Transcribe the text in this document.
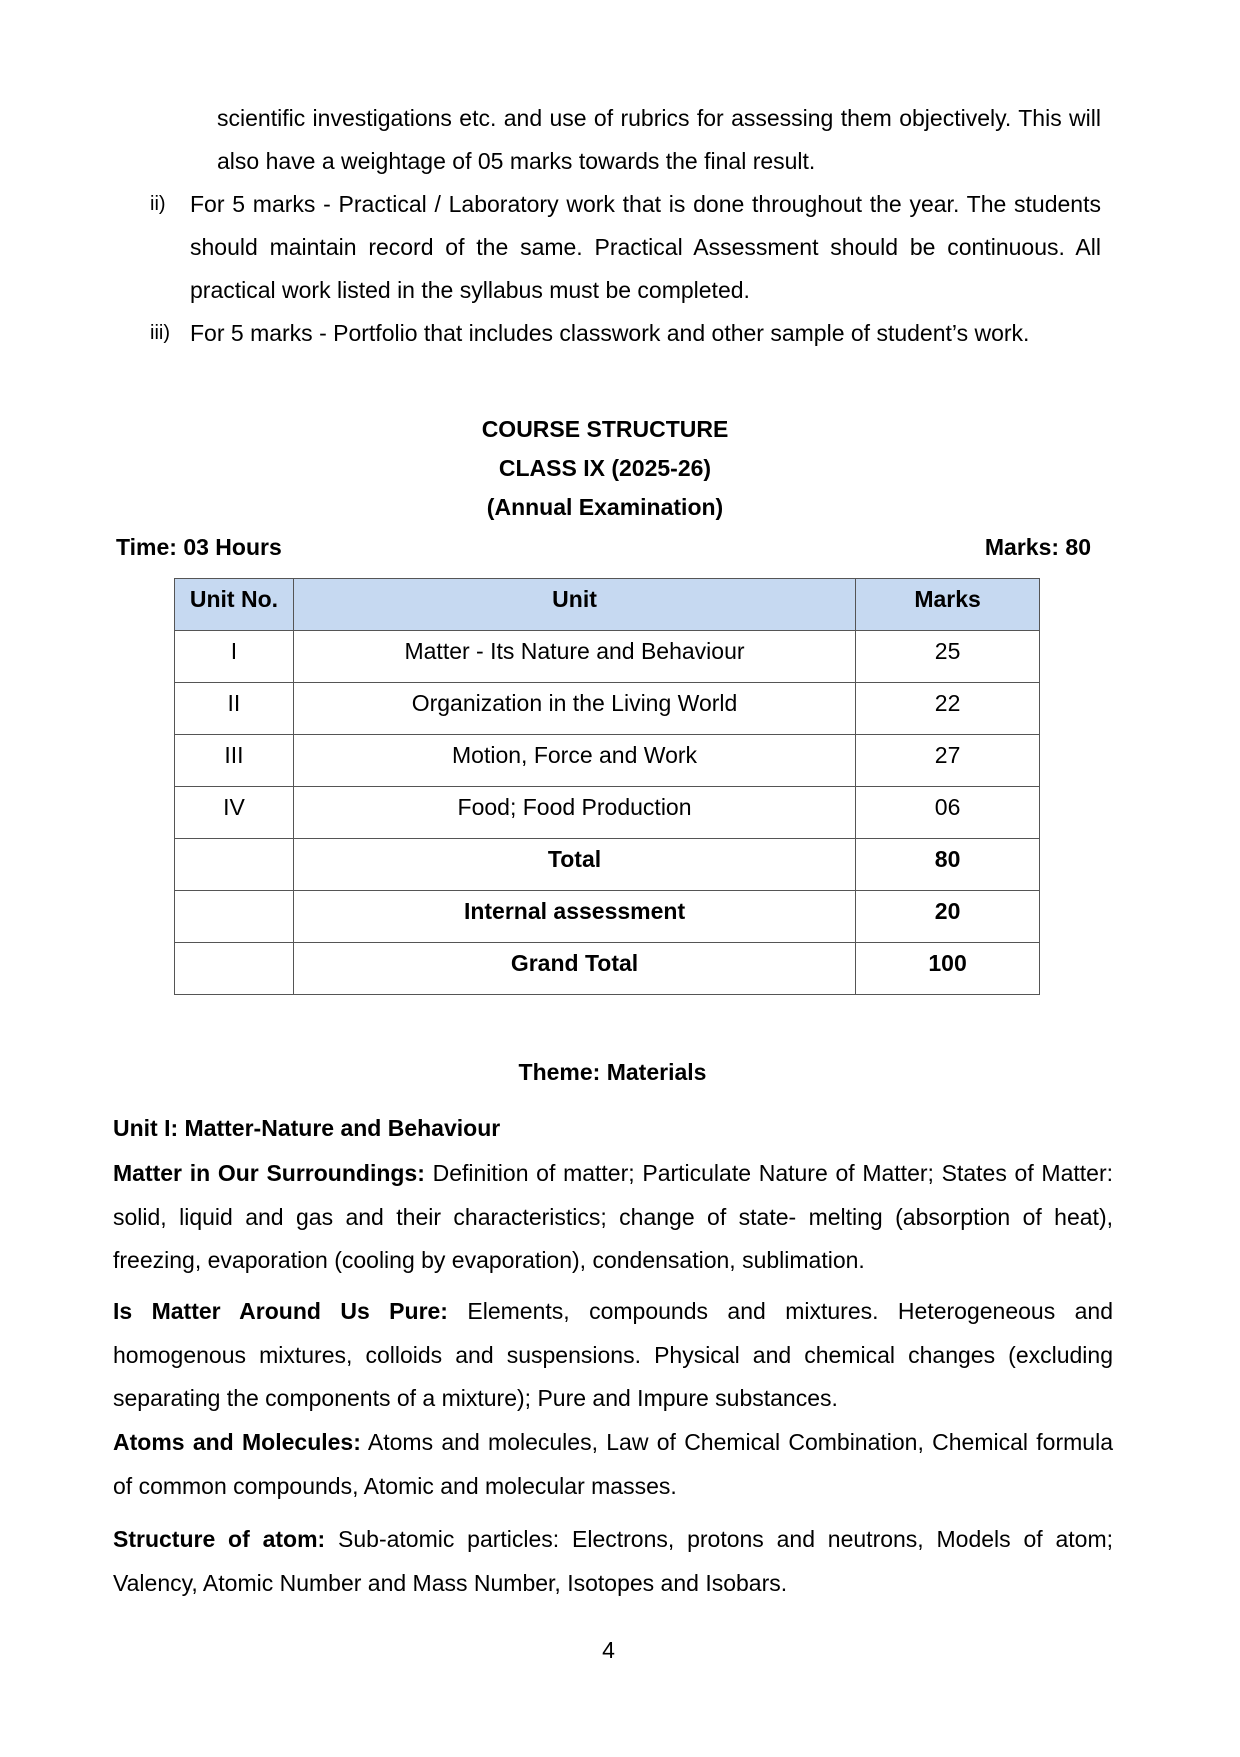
scientific investigations etc. and use of rubrics for assessing them objectively. This will also have a weightage of 05 marks towards the final result.
ii) For 5 marks - Practical / Laboratory work that is done throughout the year. The students should maintain record of the same. Practical Assessment should be continuous. All practical work listed in the syllabus must be completed.
iii) For 5 marks - Portfolio that includes classwork and other sample of student’s work.
COURSE STRUCTURE
CLASS IX (2025-26)
(Annual Examination)
Time: 03 Hours	Marks: 80
Unit No.	Unit	Marks
I	Matter - Its Nature and Behaviour	25
II	Organization in the Living World	22
III	Motion, Force and Work	27
IV	Food; Food Production	06
	Total	80
	Internal assessment	20
	Grand Total	100
Theme: Materials
Unit I: Matter-Nature and Behaviour
Matter in Our Surroundings: Definition of matter; Particulate Nature of Matter; States of Matter: solid, liquid and gas and their characteristics; change of state- melting (absorption of heat), freezing, evaporation (cooling by evaporation), condensation, sublimation.
Is Matter Around Us Pure: Elements, compounds and mixtures. Heterogeneous and homogenous mixtures, colloids and suspensions. Physical and chemical changes (excluding separating the components of a mixture); Pure and Impure substances.
Atoms and Molecules: Atoms and molecules, Law of Chemical Combination, Chemical formula of common compounds, Atomic and molecular masses.
Structure of atom: Sub-atomic particles: Electrons, protons and neutrons, Models of atom; Valency, Atomic Number and Mass Number, Isotopes and Isobars.
4
